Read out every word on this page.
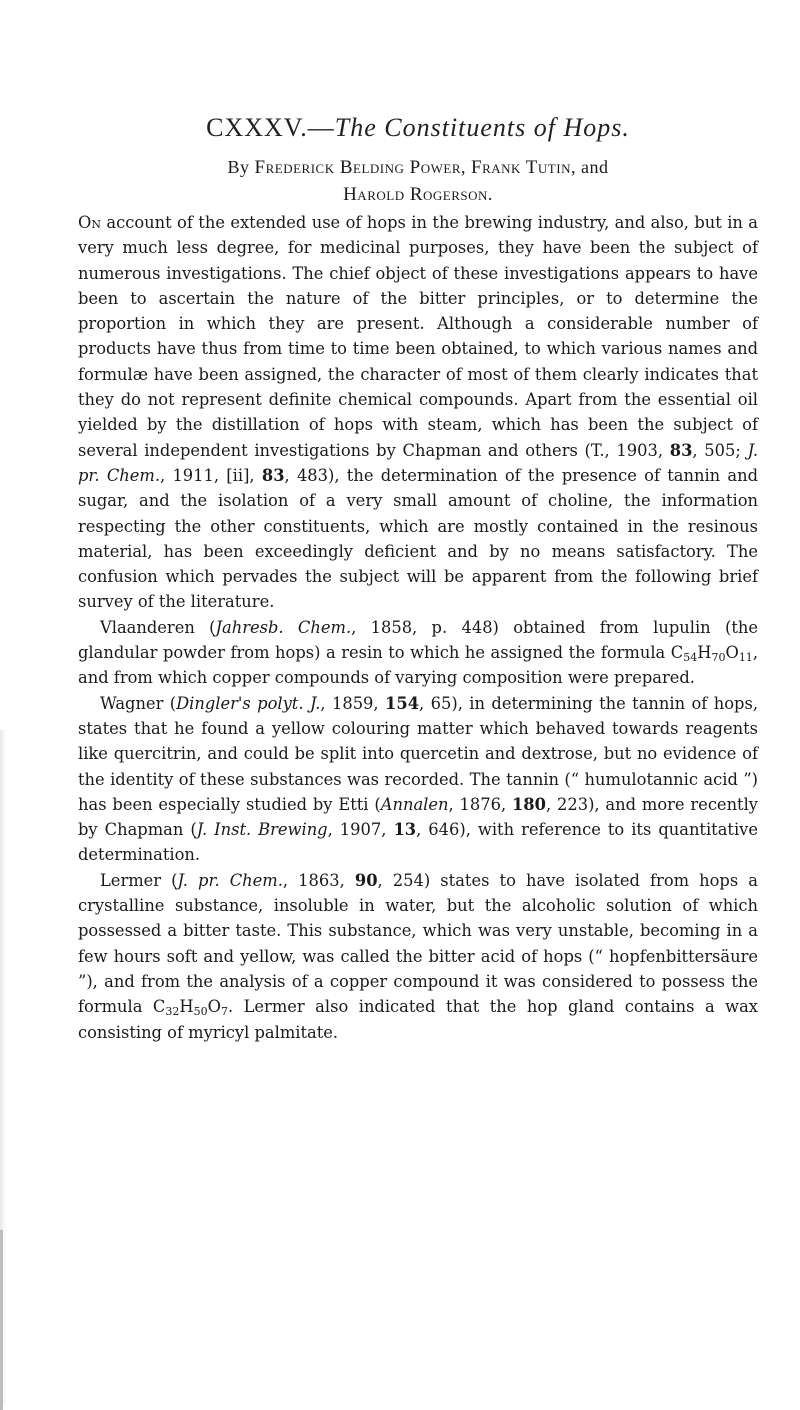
CXXXV.—The Constituents of Hops.
By Frederick Belding Power, Frank Tutin, and
Harold Rogerson.

On account of the extended use of hops in the brewing industry, and also, but in a very much less degree, for medicinal purposes, they have been the subject of numerous investigations. The chief object of these investigations appears to have been to ascertain the nature of the bitter principles, or to determine the proportion in which they are present. Although a considerable number of products have thus from time to time been obtained, to which various names and formulæ have been assigned, the character of most of them clearly indicates that they do not represent definite chemical compounds. Apart from the essential oil yielded by the distillation of hops with steam, which has been the subject of several independent investigations by Chapman and others (T., 1903, 83, 505; J. pr. Chem., 1911, [ii], 83, 483), the determination of the presence of tannin and sugar, and the isolation of a very small amount of choline, the information respecting the other constituents, which are mostly contained in the resinous material, has been exceedingly deficient and by no means satisfactory. The confusion which pervades the subject will be apparent from the following brief survey of the literature.

Vlaanderen (Jahresb. Chem., 1858, p. 448) obtained from lupulin (the glandular powder from hops) a resin to which he assigned the formula $C_{54}H_{70}O_{11}$, and from which copper compounds of varying composition were prepared.

Wagner (Dingler's polyt. J., 1859, 154, 65), in determining the tannin of hops, states that he found a yellow colouring matter which behaved towards reagents like quercitrin, and could be split into quercetin and dextrose, but no evidence of the identity of these substances was recorded. The tannin (“ humulotannic acid ”) has been especially studied by Etti (Annalen, 1876, 180, 223), and more recently by Chapman (J. Inst. Brewing, 1907, 13, 646), with reference to its quantitative determination.

Lermer (J. pr. Chem., 1863, 90, 254) states to have isolated from hops a crystalline substance, insoluble in water, but the alcoholic solution of which possessed a bitter taste. This substance, which was very unstable, becoming in a few hours soft and yellow, was called the bitter acid of hops (“ hopfenbittersäure ”), and from the analysis of a copper compound it was considered to possess the formula $C_{32}H_{50}O_7$. Lermer also indicated that the hop gland contains a wax consisting of myricyl palmitate.
